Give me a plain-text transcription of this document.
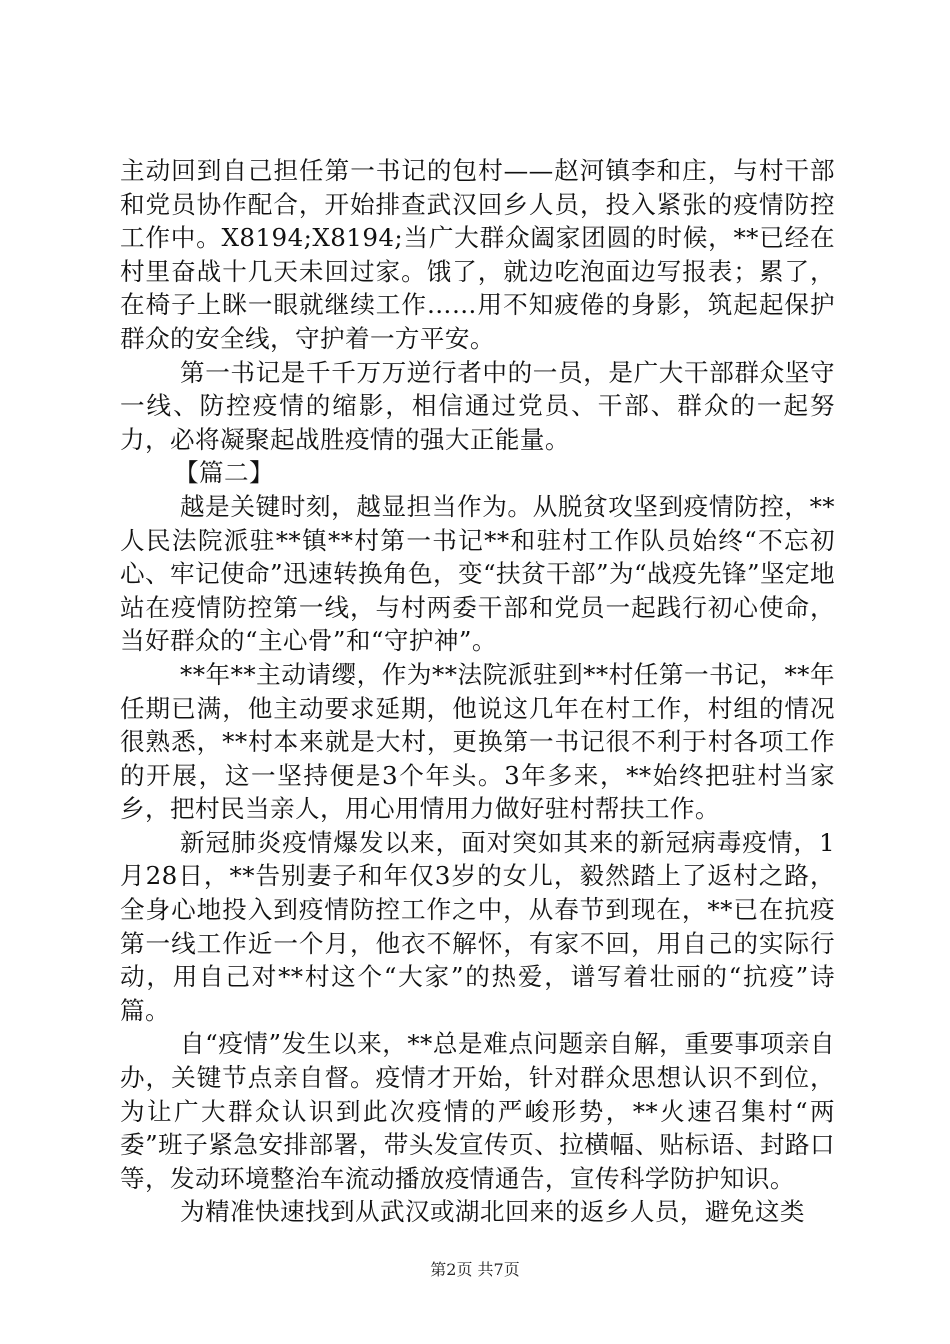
主动回到自己担任第一书记的包村——赵河镇李和庄，与村干部和党员协作配合，开始排查武汉回乡人员，投入紧张的疫情防控工作中。X8194;X8194;当广大群众阖家团圆的时候，**已经在村里奋战十几天未回过家。饿了，就边吃泡面边写报表；累了，在椅子上眯一眼就继续工作……用不知疲倦的身影，筑起起保护群众的安全线，守护着一方平安。

第一书记是千千万万逆行者中的一员，是广大干部群众坚守一线、防控疫情的缩影，相信通过党员、干部、群众的一起努力，必将凝聚起战胜疫情的强大正能量。

【篇二】

越是关键时刻，越显担当作为。从脱贫攻坚到疫情防控，**人民法院派驻**镇**村第一书记**和驻村工作队员始终“不忘初心、牢记使命”迅速转换角色，变“扶贫干部”为“战疫先锋”坚定地站在疫情防控第一线，与村两委干部和党员一起践行初心使命，当好群众的“主心骨”和“守护神”。

**年**主动请缨，作为**法院派驻到**村任第一书记，**年任期已满，他主动要求延期，他说这几年在村工作，村组的情况很熟悉，**村本来就是大村，更换第一书记很不利于村各项工作的开展，这一坚持便是3个年头。3年多来，**始终把驻村当家乡，把村民当亲人，用心用情用力做好驻村帮扶工作。

新冠肺炎疫情爆发以来，面对突如其来的新冠病毒疫情，1月28日，**告别妻子和年仅3岁的女儿，毅然踏上了返村之路，全身心地投入到疫情防控工作之中，从春节到现在，**已在抗疫第一线工作近一个月，他衣不解怀，有家不回，用自己的实际行动，用自己对**村这个“大家”的热爱，谱写着壮丽的“抗疫”诗篇。

自“疫情”发生以来，**总是难点问题亲自解，重要事项亲自办，关键节点亲自督。疫情才开始，针对群众思想认识不到位，为让广大群众认识到此次疫情的严峻形势，**火速召集村“两委”班子紧急安排部署，带头发宣传页、拉横幅、贴标语、封路口等，发动环境整治车流动播放疫情通告，宣传科学防护知识。

为精准快速找到从武汉或湖北回来的返乡人员，避免这类

第2页 共7页
